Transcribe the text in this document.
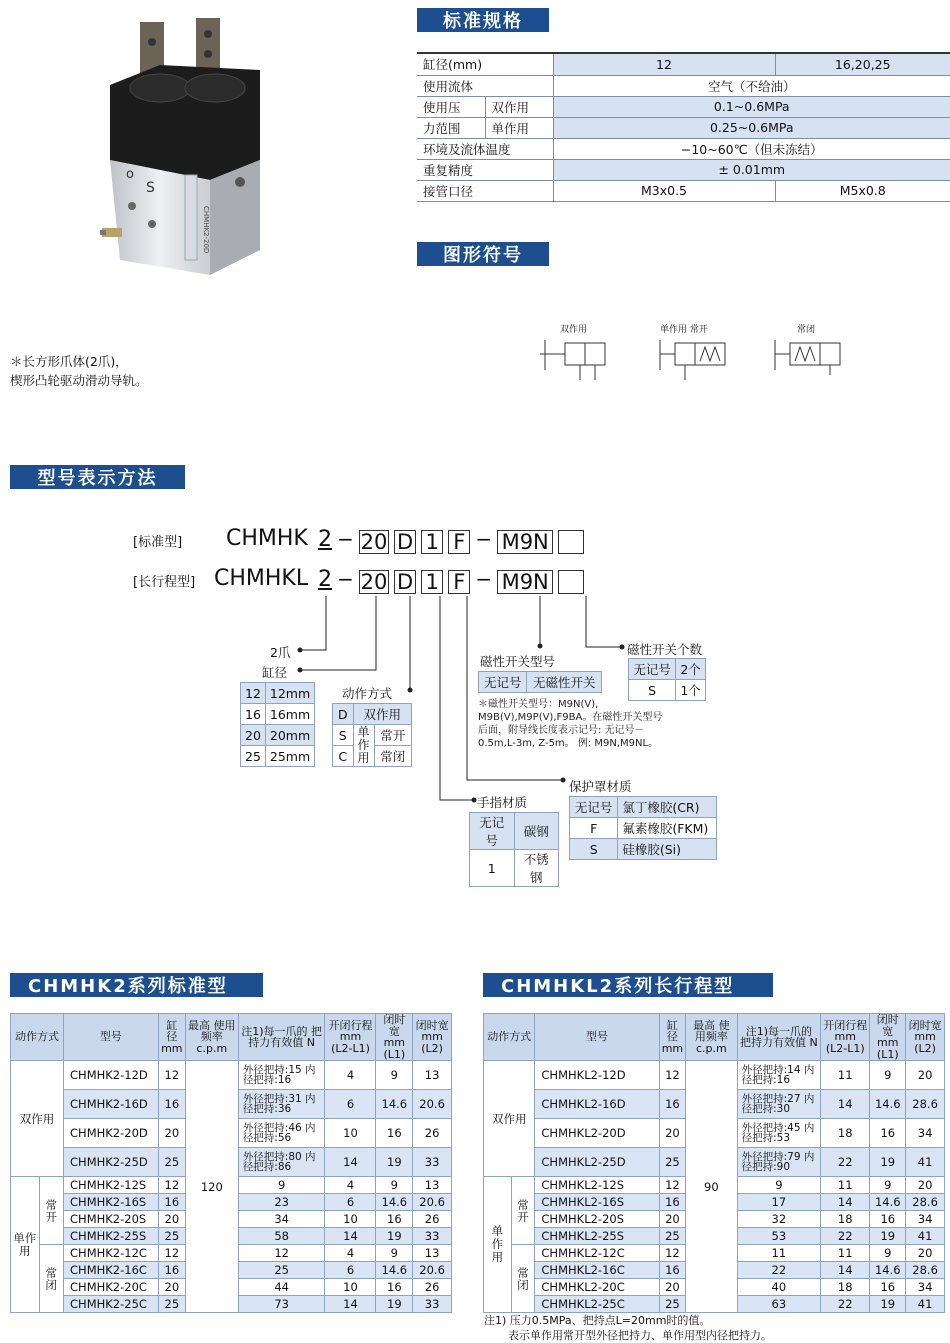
o
S
CHMHK2-20D
标准规格
缸径(mm)		12	16,20,25
使用流体		空气（不给油）	
使用压	双作用	0.1~0.6MPa	
力范围	单作用	0.25~0.6MPa	
环境及流体温度		−10~60℃（但未冻结）	
重复精度		± 0.01mm	
接管口径		M3x0.5	M5x0.8
图形符号
双作用	单作用 常开	常闭
＊长方形爪体(2爪)，
楔形凸轮驱动滑动导轨。
型号表示方法
[标准型] CHMHK
[长行程型] CHMHKL
2 − 20 D 1 F − M9N
2 − 20 D 1 F − M9N
2爪
缸径
12	12mm
16	16mm
20	20mm
25	25mm
动作方式
D	双作用	
S	单作用	常开
C		常闭
磁性开关型号
无记号	无磁性开关
＊磁性开关型号：M9N(V), M9B(V),M9P(V),F9BA。在磁性开关型号后面，附导线长度表示记号: 无记号－0.5m,L-3m, Z-5m。 例: M9N,M9NL。
磁性开关个数
无记号	2个
S	1个
保护罩材质
无记号	氯丁橡胶(CR)
F	氟素橡胶(FKM)
S	硅橡胶(Si)
手指材质
无记号	碳钢
1	不锈钢
CHMHK2系列标准型	CHMHKL2系列长行程型
动作方式		型号	缸径 mm	最高 使用频率 c.p.m	注1)每一爪的 把持力有效值 N	开闭行程 mm (L2-L1)	闭时宽 mm (L1)	闭时宽 mm (L2)
双作用		CHMHK2-12D	12	120	外径把持:15 内径把持:16	4	9	13
		CHMHK2-16D	16		外径把持:31 内径把持:36	6	14.6	20.6
		CHMHK2-20D	20		外径把持:46 内径把持:56	10	16	26
		CHMHK2-25D	25		外径把持:80 内径把持:86	14	19	33
单作用	常开	CHMHK2-12S	12		9	4	9	13
		CHMHK2-16S	16		23	6	14.6	20.6
		CHMHK2-20S	20		34	10	16	26
		CHMHK2-25S	25		58	14	19	33
	常闭	CHMHK2-12C	12		12	4	9	13
		CHMHK2-16C	16		25	6	14.6	20.6
		CHMHK2-20C	20		44	10	16	26
		CHMHK2-25C	25		73	14	19	33
动作方式		型号	缸径 mm	最高 使用频率 c.p.m	注1)每一爪的 把持力有效值 N	开闭行程 mm (L2-L1)	闭时宽 mm (L1)	闭时宽 mm (L2)
双作用		CHMHKL2-12D	12	90	外径把持:14 内径把持:16	11	9	20
		CHMHKL2-16D	16		外径把持:27 内径把持:30	14	14.6	28.6
		CHMHKL2-20D	20		外径把持:45 内径把持:53	18	16	34
		CHMHKL2-25D	25		外径把持:79 内径把持:90	22	19	41
单作用	常开	CHMHKL2-12S	12		9	11	9	20
		CHMHKL2-16S	16		17	14	14.6	28.6
		CHMHKL2-20S	20		32	18	16	34
		CHMHKL2-25S	25		53	22	19	41
	常闭	CHMHKL2-12C	12		11	11	9	20
		CHMHKL2-16C	16		22	14	14.6	28.6
		CHMHKL2-20C	20		40	18	16	34
		CHMHKL2-25C	25		63	22	19	41
注1) 压力0.5MPa、把持点L=20mm时的值。
表示单作用常开型外径把持力、单作用型内径把持力。
